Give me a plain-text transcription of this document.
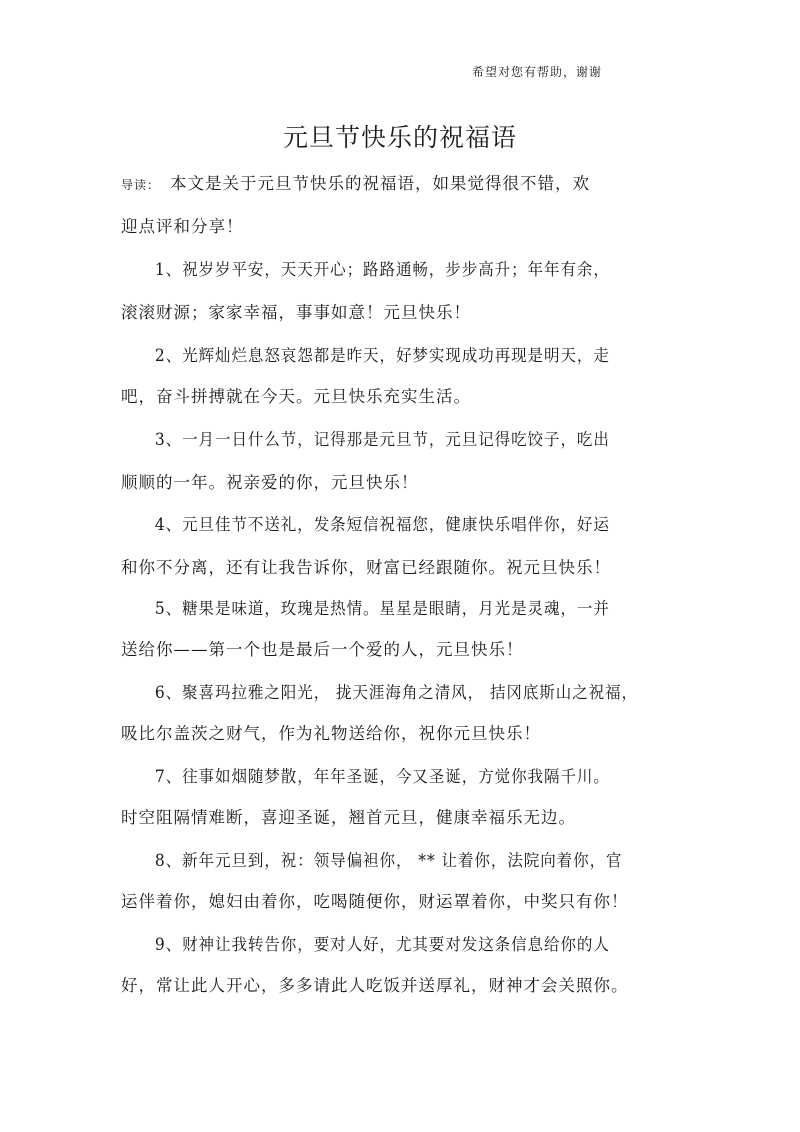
希望对您有帮助，谢谢
元旦节快乐的祝福语
导读： 本文是关于元旦节快乐的祝福语，如果觉得很不错，欢
迎点评和分享！
1、祝岁岁平安，天天开心；路路通畅，步步高升；年年有余，
滚滚财源；家家幸福，事事如意！元旦快乐！
2、光辉灿烂息怒哀怨都是昨天，好梦实现成功再现是明天，走
吧，奋斗拼搏就在今天。元旦快乐充实生活。
3、一月一日什么节，记得那是元旦节，元旦记得吃饺子，吃出
顺顺的一年。祝亲爱的你，元旦快乐！
4、元旦佳节不送礼，发条短信祝福您，健康快乐唱伴你，好运
和你不分离，还有让我告诉你，财富已经跟随你。祝元旦快乐！
5、糖果是味道，玫瑰是热情。星星是眼睛，月光是灵魂，一并
送给你——第一个也是最后一个爱的人，元旦快乐！
6、聚喜玛拉雅之阳光， 拢天涯海角之清风， 拮冈底斯山之祝福，
吸比尔盖茨之财气，作为礼物送给你，祝你元旦快乐！
7、往事如烟随梦散，年年圣诞，今又圣诞，方觉你我隔千川。
时空阻隔情难断，喜迎圣诞，翘首元旦，健康幸福乐无边。
8、新年元旦到，祝：领导偏袒你， ** 让着你，法院向着你，官
运伴着你，媳妇由着你，吃喝随便你，财运罩着你，中奖只有你！
9、财神让我转告你，要对人好，尤其要对发这条信息给你的人
好，常让此人开心，多多请此人吃饭并送厚礼，财神才会关照你。
